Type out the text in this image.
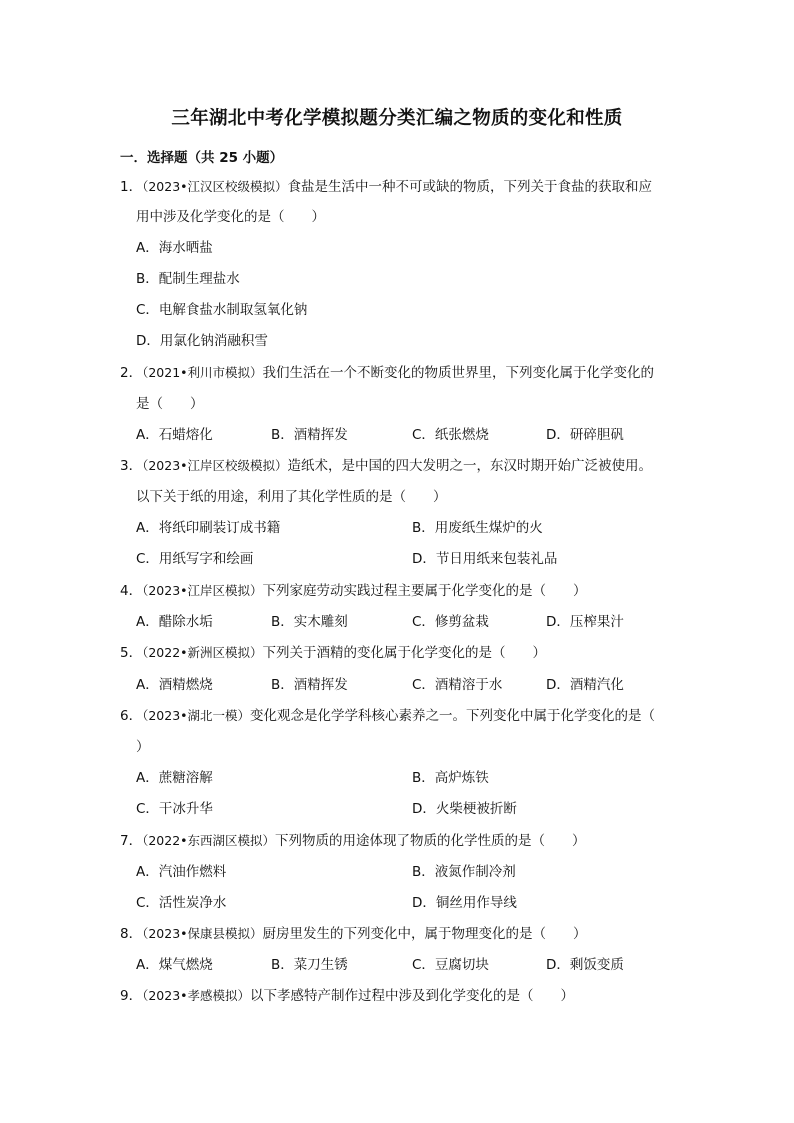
三年湖北中考化学模拟题分类汇编之物质的变化和性质
一．选择题（共 25 小题）
1．（2023•江汉区校级模拟）食盐是生活中一种不可或缺的物质，下列关于食盐的获取和应
用中涉及化学变化的是（　　）
A．海水晒盐
B．配制生理盐水
C．电解食盐水制取氢氧化钠
D．用氯化钠消融积雪
2．（2021•利川市模拟）我们生活在一个不断变化的物质世界里，下列变化属于化学变化的
是（　　）
A．石蜡熔化	B．酒精挥发	C．纸张燃烧	D．研碎胆矾
3．（2023•江岸区校级模拟）造纸术，是中国的四大发明之一，东汉时期开始广泛被使用。
以下关于纸的用途，利用了其化学性质的是（　　）
A．将纸印刷装订成书籍	B．用废纸生煤炉的火
C．用纸写字和绘画	D．节日用纸来包装礼品
4．（2023•江岸区模拟）下列家庭劳动实践过程主要属于化学变化的是（　　）
A．醋除水垢	B．实木雕刻	C．修剪盆栽	D．压榨果汁
5．（2022•新洲区模拟）下列关于酒精的变化属于化学变化的是（　　）
A．酒精燃烧	B．酒精挥发	C．酒精溶于水	D．酒精汽化
6．（2023•湖北一模）变化观念是化学学科核心素养之一。下列变化中属于化学变化的是（
）
A．蔗糖溶解	B．高炉炼铁
C．干冰升华	D．火柴梗被折断
7．（2022•东西湖区模拟）下列物质的用途体现了物质的化学性质的是（　　）
A．汽油作燃料	B．液氮作制冷剂
C．活性炭净水	D．铜丝用作导线
8．（2023•保康县模拟）厨房里发生的下列变化中，属于物理变化的是（　　）
A．煤气燃烧	B．菜刀生锈	C．豆腐切块	D．剩饭变质
9．（2023•孝感模拟）以下孝感特产制作过程中涉及到化学变化的是（　　）
